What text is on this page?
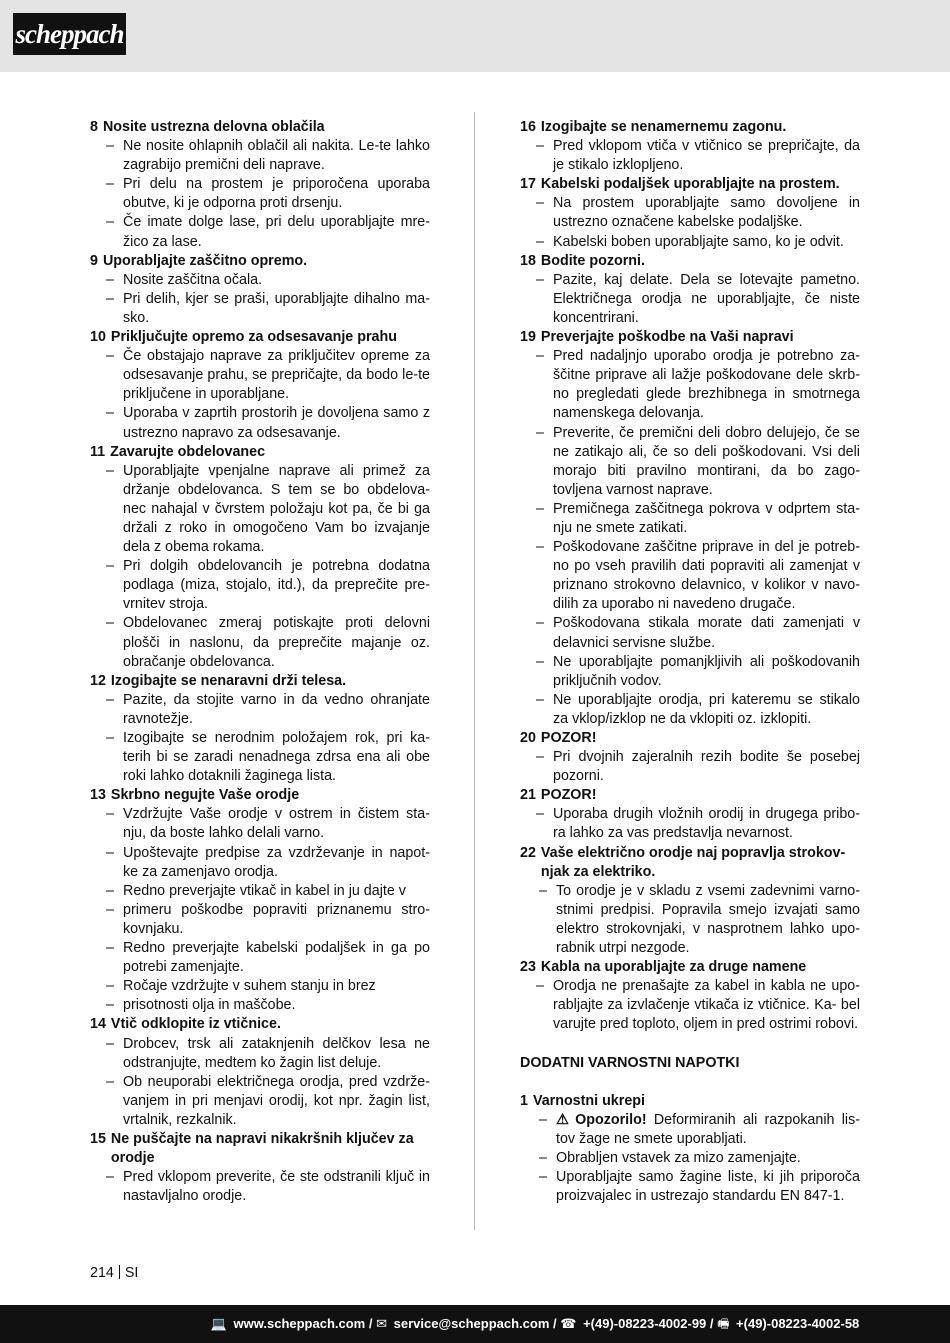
scheppach
8 Nosite ustrezna delovna oblačila
– Ne nosite ohlapnih oblačil ali nakita. Le-te lahko zagrabijo premični deli naprave.
– Pri delu na prostem je priporočena uporaba obutve, ki je odporna proti drsenju.
– Če imate dolge lase, pri delu uporabljajte mre- žico za lase.
9 Uporabljajte zaščitno opremo.
– Nosite zaščitna očala.
– Pri delih, kjer se praši, uporabljajte dihalno ma- sko.
10 Priključujte opremo za odsesavanje prahu
– Če obstajajo naprave za priključitev opreme za odsesavanje prahu, se prepričajte, da bodo le-te priključene in uporabljane.
– Uporaba v zaprtih prostorih je dovoljena samo z ustrezno napravo za odsesavanje.
11 Zavarujte obdelovanec
– Uporabljajte vpenjalne naprave ali primež za držanje obdelovanca. S tem se bo obdelova- nec nahajal v čvrstem položaju kot pa, če bi ga držali z roko in omogočeno Vam bo izvajanje dela z obema rokama.
– Pri dolgih obdelovancih je potrebna dodatna podlaga (miza, stojalo, itd.), da preprečite pre- vrnitev stroja.
– Obdelovanec zmeraj potiskajte proti delovni plošči in naslonu, da preprečite majanje oz. obračanje obdelovanca.
12 Izogibajte se nenaravni drži telesa.
– Pazite, da stojite varno in da vedno ohranjate ravnotežje.
– Izogibajte se nerodnim položajem rok, pri ka- terih bi se zaradi nenadnega zdrsa ena ali obe roki lahko dotaknili žaginega lista.
13 Skrbno negujte Vaše orodje
– Vzdržujte Vaše orodje v ostrem in čistem sta- nju, da boste lahko delali varno.
– Upoštevajte predpise za vzdrževanje in napot- ke za zamenjavo orodja.
– Redno preverjajte vtikač in kabel in ju dajte v
– primeru poškodbe popraviti priznanemu stro- kovnjaku.
– Redno preverjajte kabelski podaljšek in ga po potrebi zamenjajte.
– Ročaje vzdržujte v suhem stanju in brez
– prisotnosti olja in maščobe.
14 Vtič odklopite iz vtičnice.
– Drobcev, trsk ali zataknjenih delčkov lesa ne odstranjujte, medtem ko žagin list deluje.
– Ob neuporabi električnega orodja, pred vzdrže- vanjem in pri menjavi orodij, kot npr. žagin list, vrtalnik, rezkalnik.
15 Ne puščajte na napravi nikakršnih ključev za orodje
– Pred vklopom preverite, če ste odstranili ključ in nastavljalno orodje.
16 Izogibajte se nenamernemu zagonu.
– Pred vklopom vtiča v vtičnico se prepričajte, da je stikalo izklopljeno.
17 Kabelski podaljšek uporabljajte na prostem.
– Na prostem uporabljajte samo dovoljene in ustrezno označene kabelske podaljške.
– Kabelski boben uporabljajte samo, ko je odvit.
18 Bodite pozorni.
– Pazite, kaj delate. Dela se lotevajte pametno. Električnega orodja ne uporabljajte, če niste koncentrirani.
19 Preverjajte poškodbe na Vaši napravi
– Pred nadaljnjo uporabo orodja je potrebno za- ščitne priprave ali lažje poškodovane dele skrb- no pregledati glede brezhibnega in smotrnega namenskega delovanja.
– Preverite, če premični deli dobro delujejo, če se ne zatikajo ali, če so deli poškodovani. Vsi deli morajo biti pravilno montirani, da bo zago- tovljena varnost naprave.
– Premičnega zaščitnega pokrova v odprtem sta- nju ne smete zatikati.
– Poškodovane zaščitne priprave in del je potreb- no po vseh pravilih dati popraviti ali zamenjat v priznano strokovno delavnico, v kolikor v navo- dilih za uporabo ni navedeno drugače.
– Poškodovana stikala morate dati zamenjati v delavnici servisne službe.
– Ne uporabljajte pomanjkljivih ali poškodovanih priključnih vodov.
– Ne uporabljajte orodja, pri kateremu se stikalo za vklop/izklop ne da vklopiti oz. izklopiti.
20 POZOR!
– Pri dvojnih zajeralnih rezih bodite še posebej pozorni.
21 POZOR!
– Uporaba drugih vložnih orodij in drugega pribo- ra lahko za vas predstavlja nevarnost.
22 Vaše električno orodje naj popravlja strokov- njak za elektriko.
– To orodje je v skladu z vsemi zadevnimi varno- stnimi predpisi. Popravila smejo izvajati samo elektro strokovnjaki, v nasprotnem lahko upo- rabnik utrpi nezgode.
23 Kabla na uporabljajte za druge namene
– Orodja ne prenašajte za kabel in kabla ne upo- rabljajte za izvlačenje vtikača iz vtičnice. Ka- bel varujte pred toploto, oljem in pred ostrimi robovi.
DODATNI VARNOSTNI NAPOTKI
1 Varnostni ukrepi
– ⚠ Opozorilo! Deformiranih ali razpokanih lis- tov žage ne smete uporabljati.
– Obrabljen vstavek za mizo zamenjajte.
– Uporabljajte samo žagine liste, ki jih priporoča proizvajalec in ustrezajo standardu EN 847-1.
214 SI
💻 www.scheppach.com / ✉ service@scheppach.com / ☎ +(49)-08223-4002-99 / 🖷 +(49)-08223-4002-58
